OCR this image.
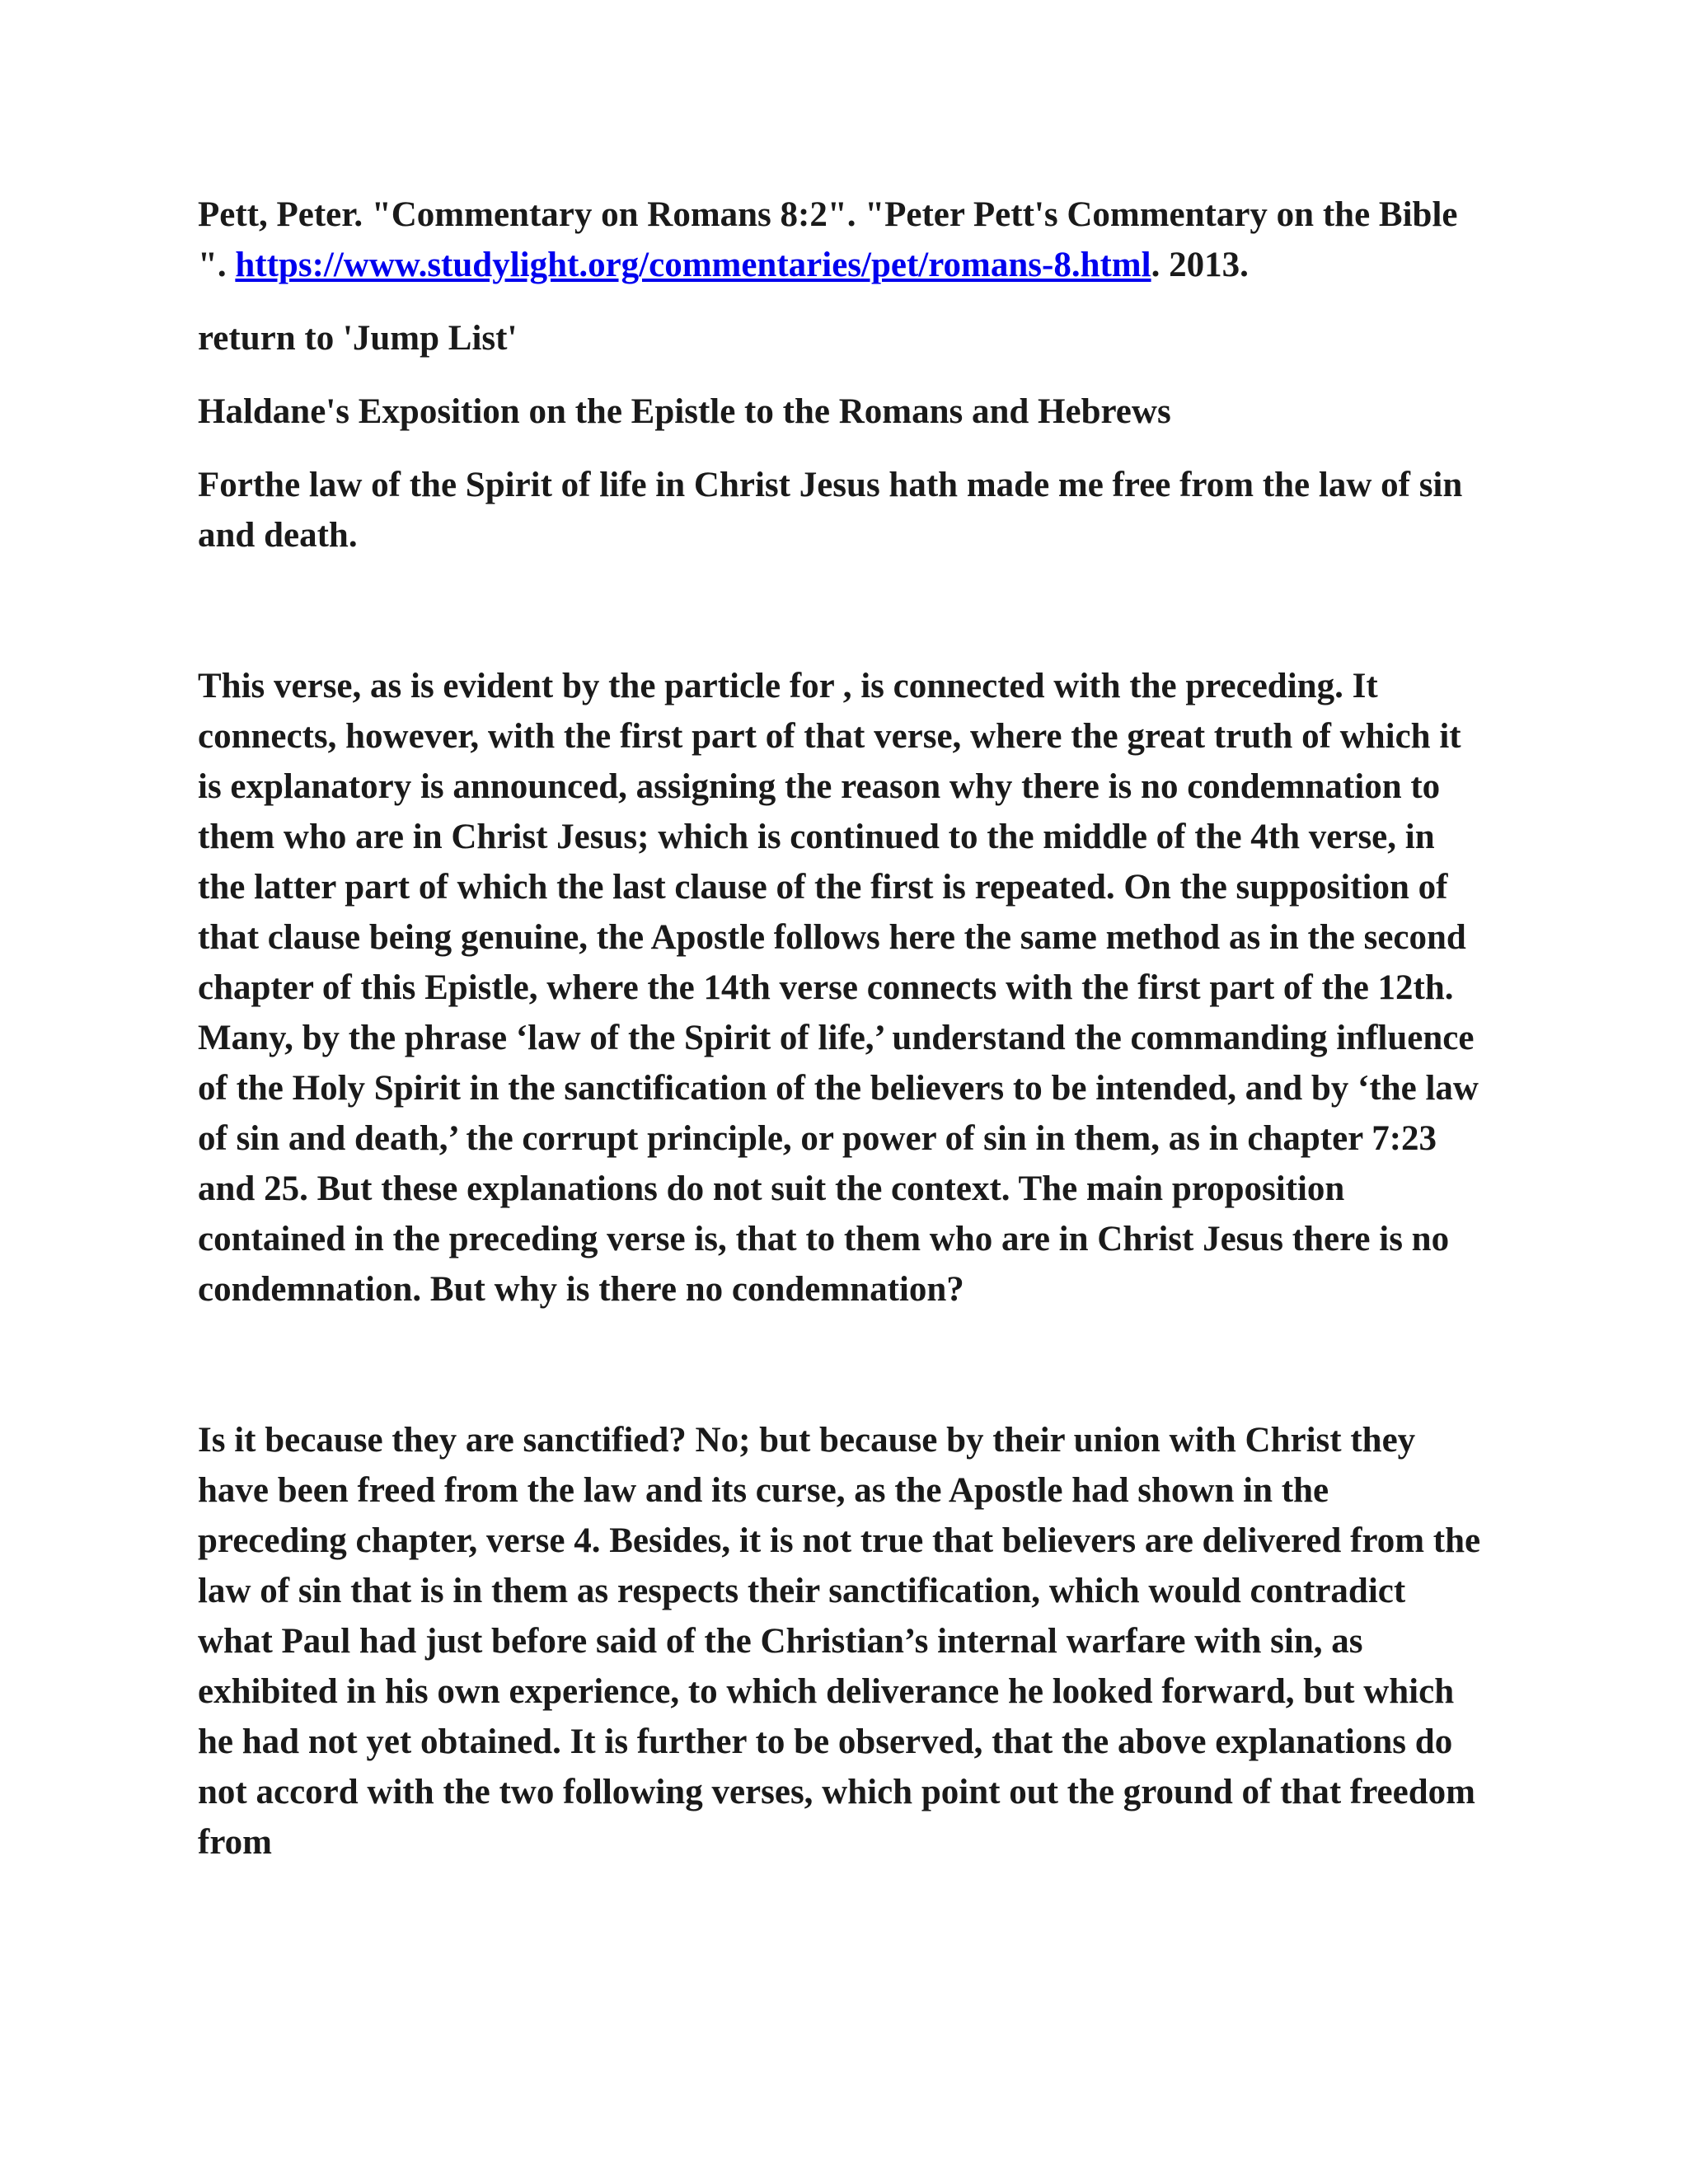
Pett, Peter. "Commentary on Romans 8:2". "Peter Pett's Commentary on the Bible ". https://www.studylight.org/commentaries/pet/romans-8.html. 2013.

return to 'Jump List'

Haldane's Exposition on the Epistle to the Romans and Hebrews

Forthe law of the Spirit of life in Christ Jesus hath made me free from the law of sin and death.

This verse, as is evident by the particle for , is connected with the preceding. It connects, however, with the first part of that verse, where the great truth of which it is explanatory is announced, assigning the reason why there is no condemnation to them who are in Christ Jesus; which is continued to the middle of the 4th verse, in the latter part of which the last clause of the first is repeated. On the supposition of that clause being genuine, the Apostle follows here the same method as in the second chapter of this Epistle, where the 14th verse connects with the first part of the 12th. Many, by the phrase ‘law of the Spirit of life,’ understand the commanding influence of the Holy Spirit in the sanctification of the believers to be intended, and by ‘the law of sin and death,’ the corrupt principle, or power of sin in them, as in chapter 7:23 and 25. But these explanations do not suit the context. The main proposition contained in the preceding verse is, that to them who are in Christ Jesus there is no condemnation. But why is there no condemnation?

Is it because they are sanctified? No; but because by their union with Christ they have been freed from the law and its curse, as the Apostle had shown in the preceding chapter, verse 4. Besides, it is not true that believers are delivered from the law of sin that is in them as respects their sanctification, which would contradict what Paul had just before said of the Christian’s internal warfare with sin, as exhibited in his own experience, to which deliverance he looked forward, but which he had not yet obtained. It is further to be observed, that the above explanations do not accord with the two following verses, which point out the ground of that freedom from
